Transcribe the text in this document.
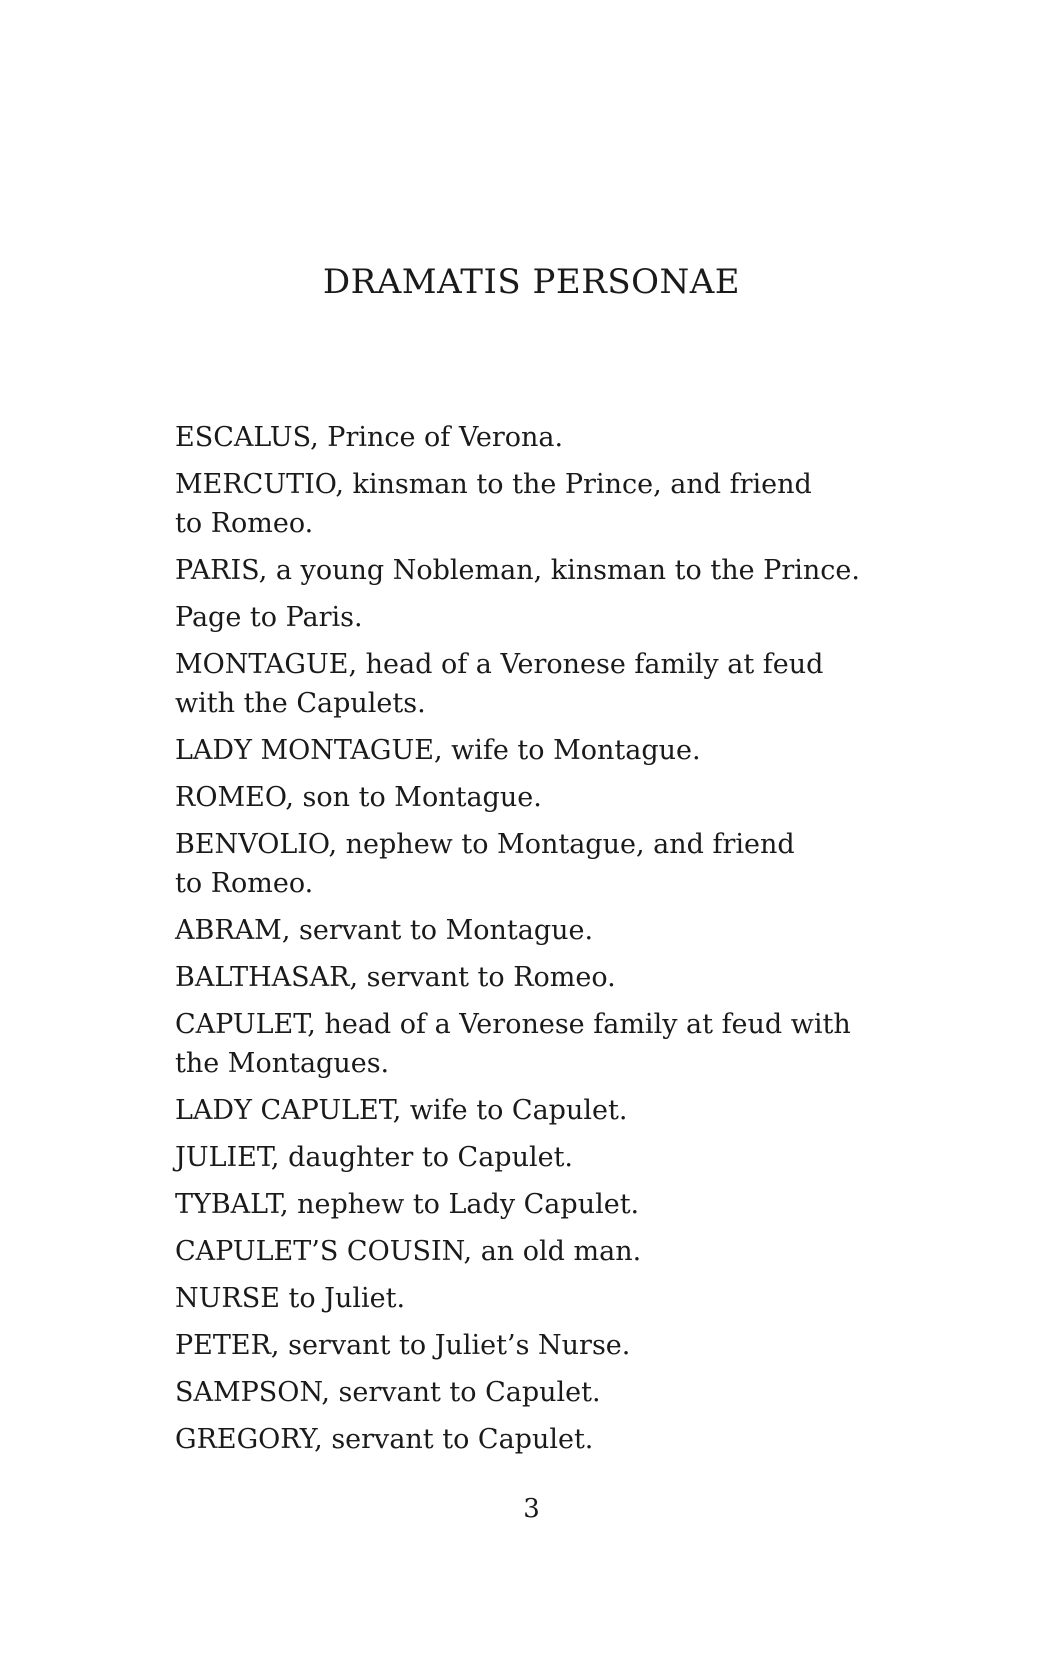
DRAMATIS PERSONAE
ESCALUS, Prince of Verona.
MERCUTIO, kinsman to the Prince, and friend
to Romeo.
PARIS, a young Nobleman, kinsman to the Prince.
Page to Paris.
MONTAGUE, head of a Veronese family at feud
with the Capulets.
LADY MONTAGUE, wife to Montague.
ROMEO, son to Montague.
BENVOLIO, nephew to Montague, and friend
to Romeo.
ABRAM, servant to Montague.
BALTHASAR, servant to Romeo.
CAPULET, head of a Veronese family at feud with
the Montagues.
LADY CAPULET, wife to Capulet.
JULIET, daughter to Capulet.
TYBALT, nephew to Lady Capulet.
CAPULET’S COUSIN, an old man.
NURSE to Juliet.
PETER, servant to Juliet’s Nurse.
SAMPSON, servant to Capulet.
GREGORY, servant to Capulet.
3
